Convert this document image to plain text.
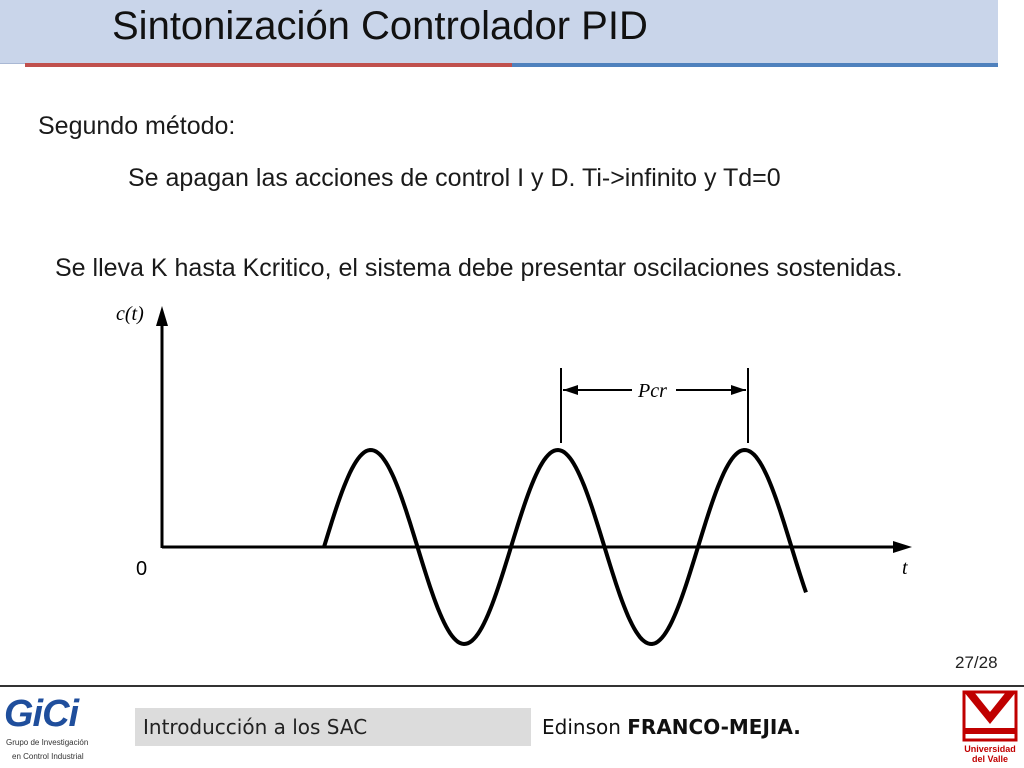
Sintonización Controlador PID
Segundo método:
Se apagan las acciones de control I y D. Ti->infinito y Td=0
Se lleva K hasta Kcritico, el sistema debe presentar oscilaciones sostenidas.
c(t)
t
0
Pcr
27/28
GiCi
Grupo de Investigación
en Control Industrial
Introducción a los SAC	Edinson FRANCO-MEJIA.
Universidad
del Valle
